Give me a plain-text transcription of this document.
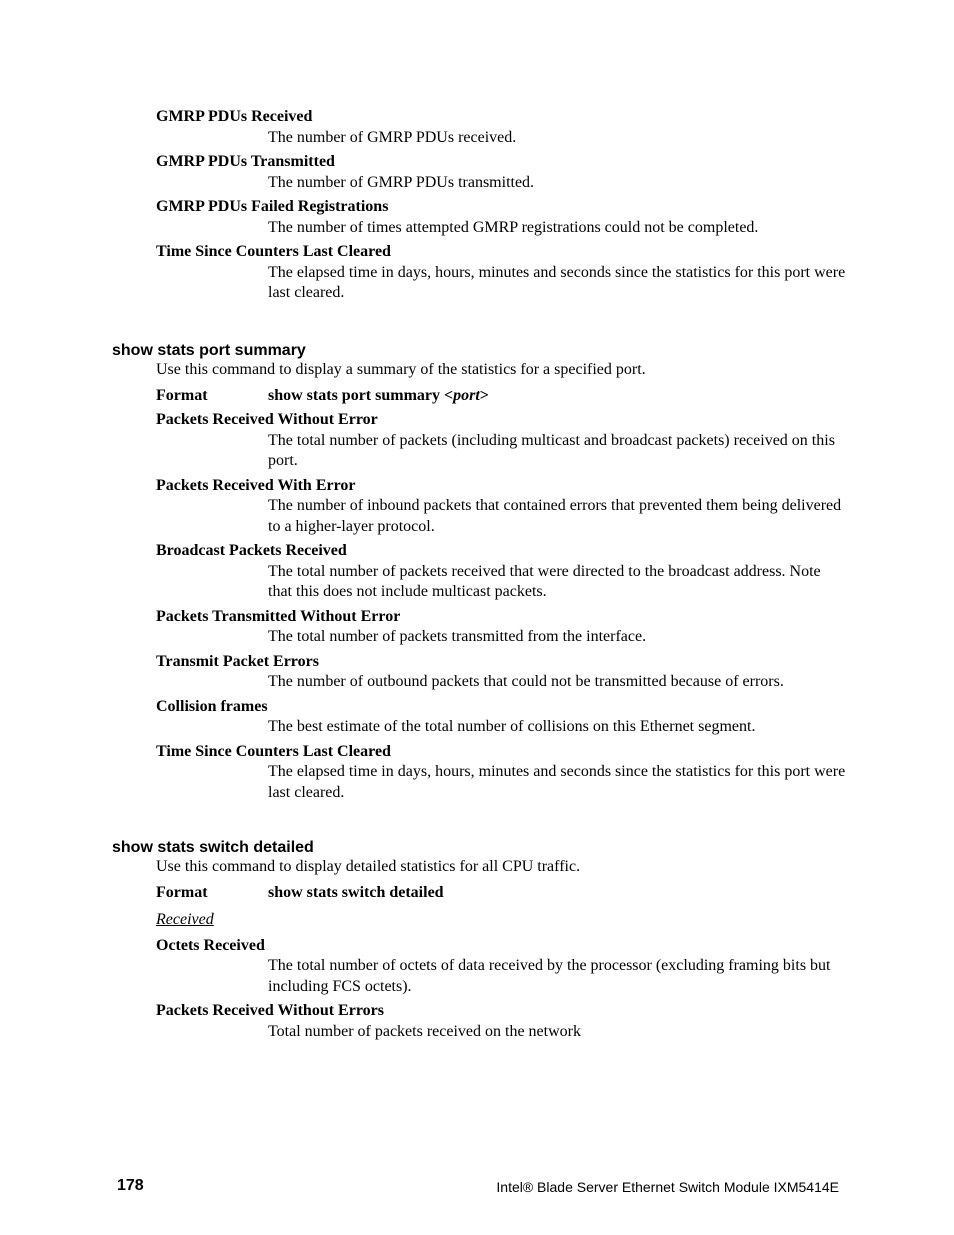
GMRP PDUs Received

The number of GMRP PDUs received.

GMRP PDUs Transmitted

The number of GMRP PDUs transmitted.

GMRP PDUs Failed Registrations

The number of times attempted GMRP registrations could not be completed.

Time Since Counters Last Cleared

The elapsed time in days, hours, minutes and seconds since the statistics for this port were last cleared.

show stats port summary

Use this command to display a summary of the statistics for a specified port.

Format	show stats port summary <port>

Packets Received Without Error

The total number of packets (including multicast and broadcast packets) received on this port.

Packets Received With Error

The number of inbound packets that contained errors that prevented them being delivered to a higher-layer protocol.

Broadcast Packets Received

The total number of packets received that were directed to the broadcast address. Note that this does not include multicast packets.

Packets Transmitted Without Error

The total number of packets transmitted from the interface.

Transmit Packet Errors

The number of outbound packets that could not be transmitted because of errors.

Collision frames

The best estimate of the total number of collisions on this Ethernet segment.

Time Since Counters Last Cleared

The elapsed time in days, hours, minutes and seconds since the statistics for this port were last cleared.

show stats switch detailed

Use this command to display detailed statistics for all CPU traffic.

Format	show stats switch detailed

Received

Octets Received

The total number of octets of data received by the processor (excluding framing bits but including FCS octets).

Packets Received Without Errors

Total number of packets received on the network

178	Intel® Blade Server Ethernet Switch Module IXM5414E
